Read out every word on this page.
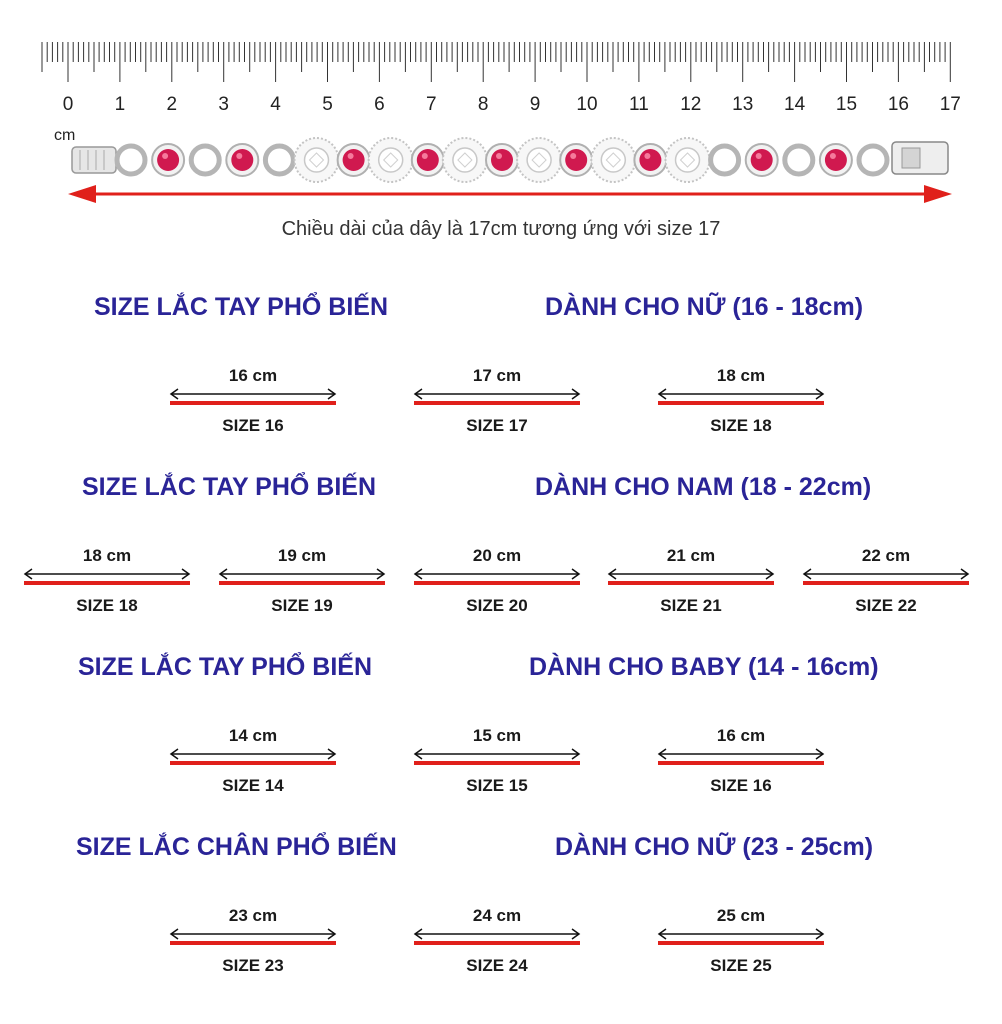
0 1 2 3 4 5 6 7 8 9 10 11 12 13 14 15 16 17
cm
Chiều dài của dây là 17cm tương ứng với size 17
SIZE LẮC TAY PHỔ BIẾN	DÀNH CHO NỮ (16 - 18cm)
SIZE LẮC TAY PHỔ BIẾN	DÀNH CHO NAM (18 - 22cm)
SIZE LẮC TAY PHỔ BIẾN	DÀNH CHO BABY (14 - 16cm)
SIZE LẮC CHÂN PHỔ BIẾN	DÀNH CHO NỮ (23 - 25cm)
16 cm
SIZE 16
17 cm
SIZE 17
18 cm
SIZE 18
18 cm
SIZE 18
19 cm
SIZE 19
20 cm
SIZE 20
21 cm
SIZE 21
22 cm
SIZE 22
14 cm
SIZE 14
15 cm
SIZE 15
16 cm
SIZE 16
23 cm
SIZE 23
24 cm
SIZE 24
25 cm
SIZE 25
